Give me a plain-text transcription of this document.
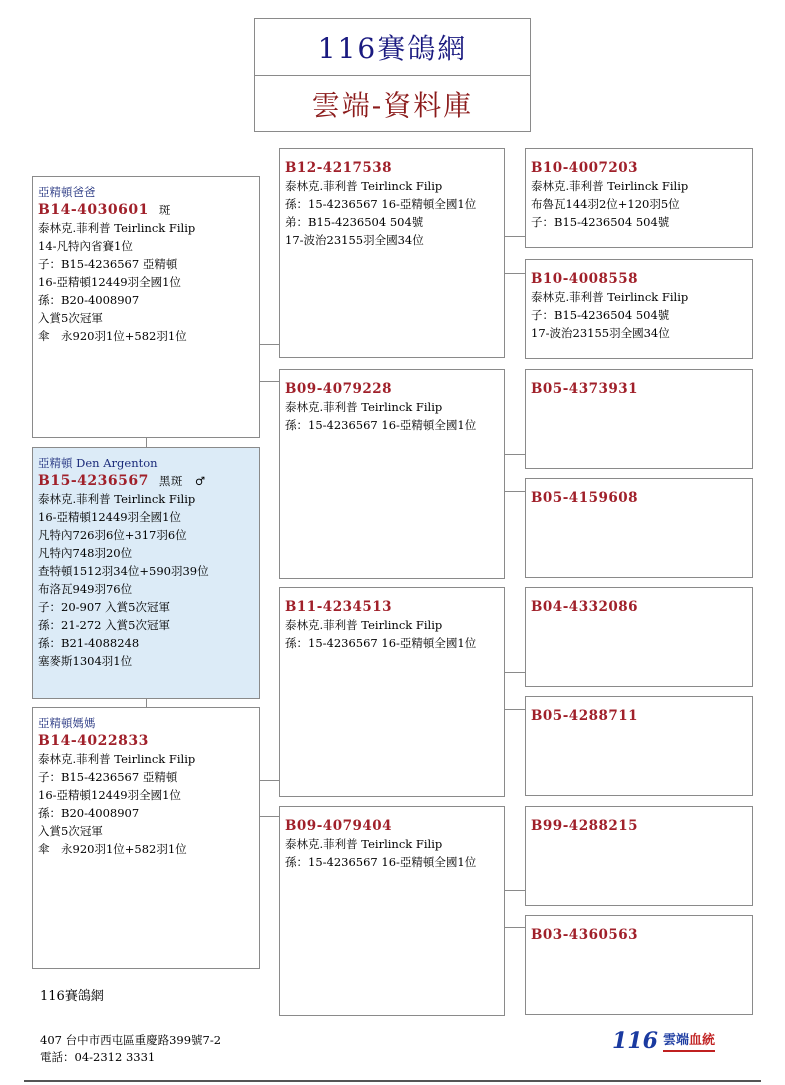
116賽鴿網
雲端-資料庫
亞精頓爸爸
B14-4030601 斑
泰林克.菲利普 Teirlinck Filip
14-凡特內省賽1位
子：B15-4236567 亞精頓
16-亞精頓12449羽全國1位
孫：B20-4008907
入賞5次冠軍
傘　永920羽1位+582羽1位
亞精頓 Den Argenton
B15-4236567 黑斑　♂
泰林克.菲利普 Teirlinck Filip
16-亞精頓12449羽全國1位
凡特內726羽6位+317羽6位
凡特內748羽20位
查特頓1512羽34位+590羽39位
布洛瓦949羽76位
子：20-907 入賞5次冠軍
孫：21-272 入賞5次冠軍
孫：B21-4088248
塞麥斯1304羽1位
亞精頓媽媽
B14-4022833
泰林克.菲利普 Teirlinck Filip
子：B15-4236567 亞精頓
16-亞精頓12449羽全國1位
孫：B20-4008907
入賞5次冠軍
傘　永920羽1位+582羽1位
B12-4217538
泰林克.菲利普 Teirlinck Filip
孫：15-4236567 16-亞精頓全國1位
弟：B15-4236504 504號
17-波治23155羽全國34位
B09-4079228
泰林克.菲利普 Teirlinck Filip
孫：15-4236567 16-亞精頓全國1位
B11-4234513
泰林克.菲利普 Teirlinck Filip
孫：15-4236567 16-亞精頓全國1位
B09-4079404
泰林克.菲利普 Teirlinck Filip
孫：15-4236567 16-亞精頓全國1位
B10-4007203
泰林克.菲利普 Teirlinck Filip
布魯瓦144羽2位+120羽5位
子：B15-4236504 504號
B10-4008558
泰林克.菲利普 Teirlinck Filip
子：B15-4236504 504號
17-波治23155羽全國34位
B05-4373931
B05-4159608
B04-4332086
B05-4288711
B99-4288215
B03-4360563
116賽鴿網
407 台中市西屯區重慶路399號7-2
電話：04-2312 3331
116 雲端血統
